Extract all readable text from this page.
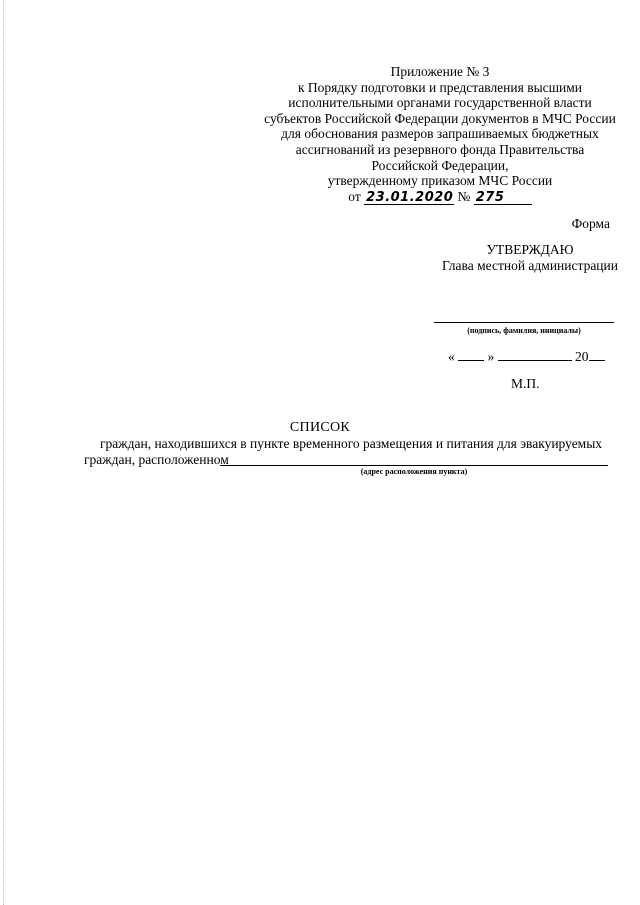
Приложение № 3
к Порядку подготовки и представления высшими
исполнительными органами государственной власти
субъектов Российской Федерации документов в МЧС России
для обоснования размеров запрашиваемых бюджетных
ассигнований из резервного фонда Правительства
Российской Федерации,
утвержденному приказом МЧС России
от 23.01.2020 № 275
Форма
УТВЕРЖДАЮ
Глава местной администрации
(подпись, фамилия, инициалы)
« »	20
М.П.
СПИСОК
граждан, находившихся в пункте временного размещения и питания для эвакуируемых
граждан, расположенном
(адрес расположения пункта)
